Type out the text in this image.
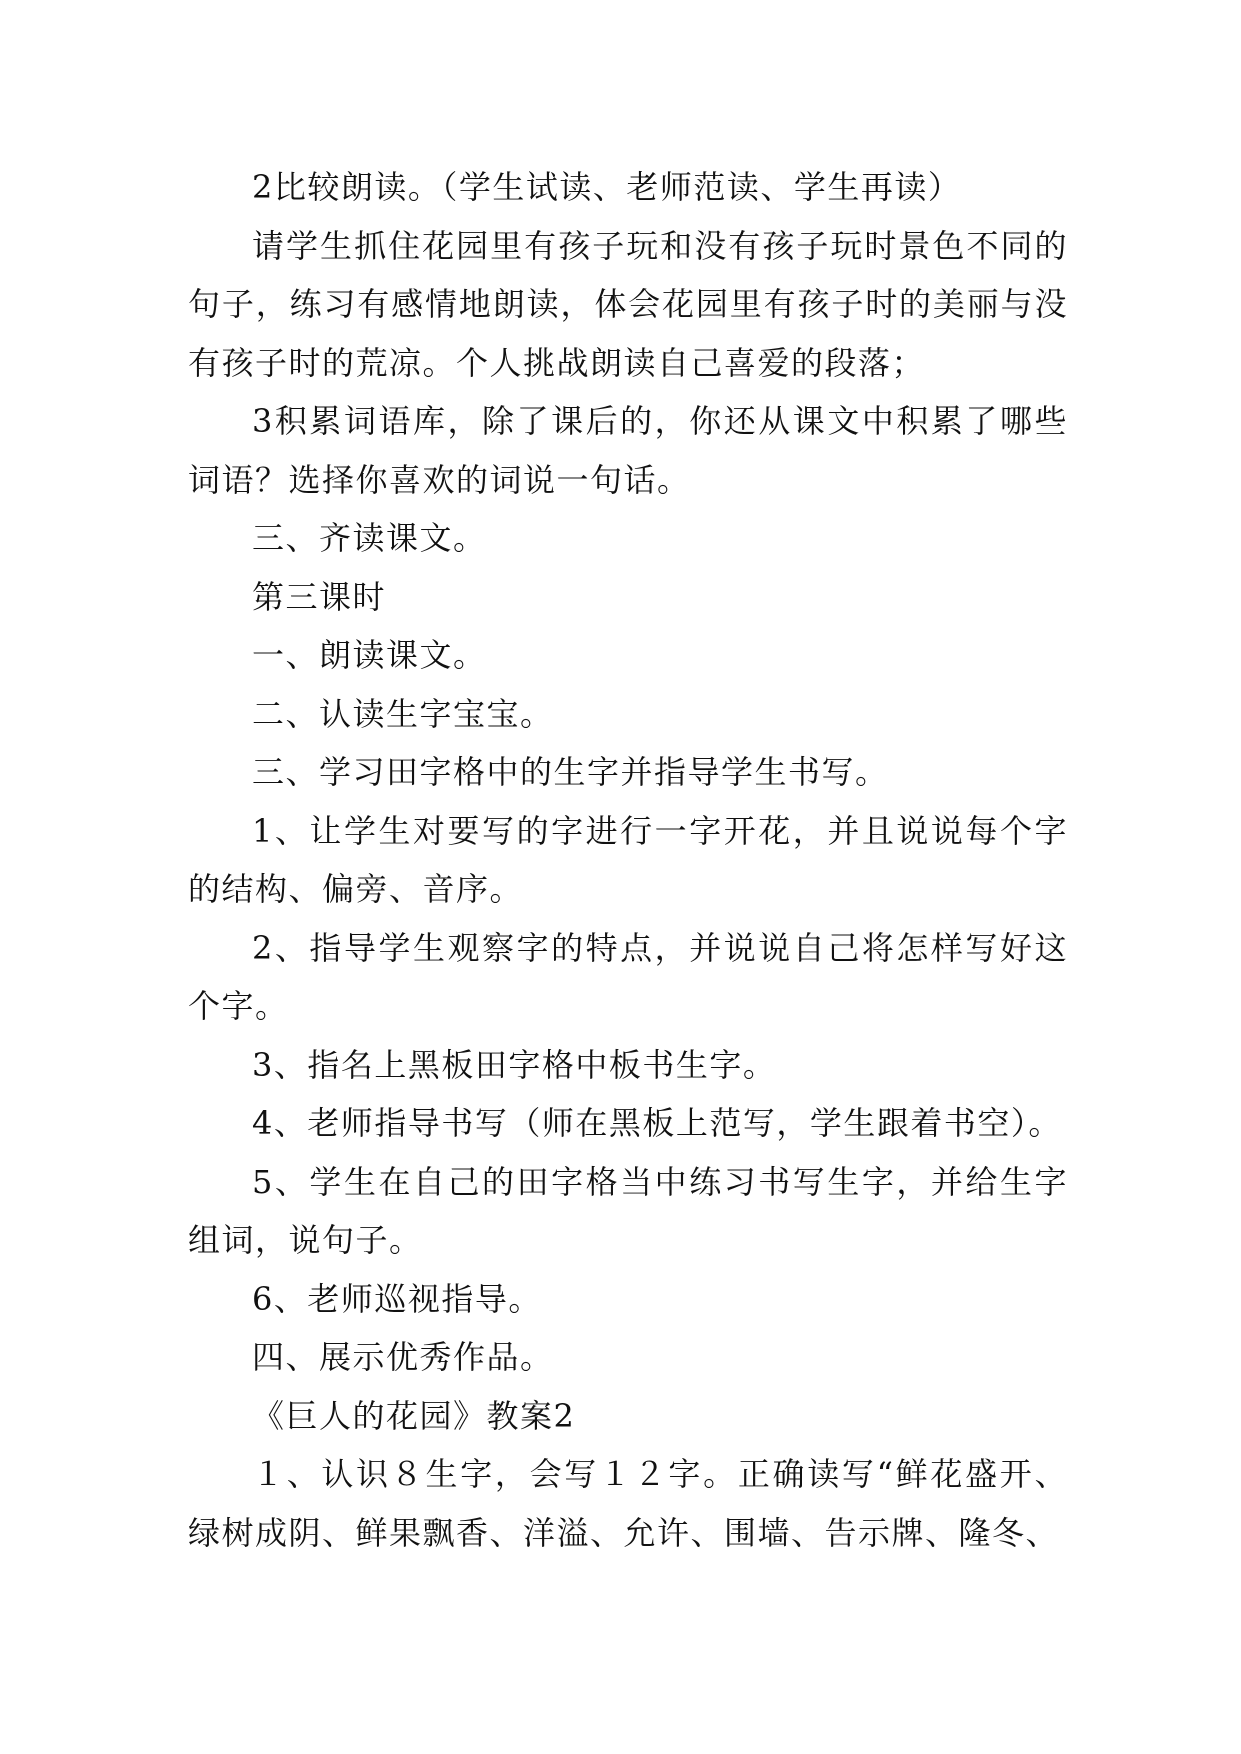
2比较朗读。（学生试读、老师范读、学生再读）

请学生抓住花园里有孩子玩和没有孩子玩时景色不同的句子，练习有感情地朗读，体会花园里有孩子时的美丽与没有孩子时的荒凉。个人挑战朗读自己喜爱的段落；

3积累词语库，除了课后的，你还从课文中积累了哪些词语？选择你喜欢的词说一句话。

三、齐读课文。

第三课时

一、朗读课文。

二、认读生字宝宝。

三、学习田字格中的生字并指导学生书写。

1、让学生对要写的字进行一字开花，并且说说每个字的结构、偏旁、音序。

2、指导学生观察字的特点，并说说自己将怎样写好这个字。

3、指名上黑板田字格中板书生字。

4、老师指导书写（师在黑板上范写，学生跟着书空）。

5、学生在自己的田字格当中练习书写生字，并给生字组词，说句子。

6、老师巡视指导。

四、展示优秀作品。

《巨人的花园》教案2

１、认识８生字，会写１２字。正确读写“鲜花盛开、绿树成阴、鲜果飘香、洋溢、允许、围墙、告示牌、隆冬、
